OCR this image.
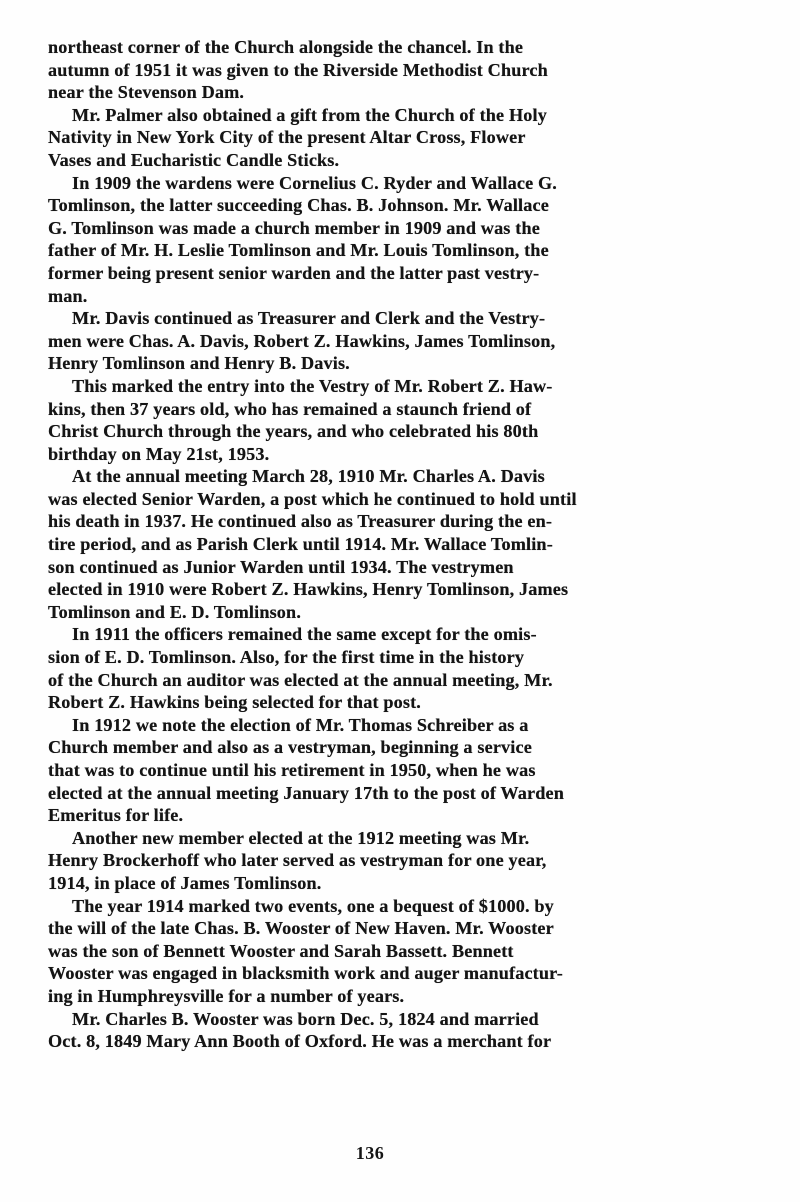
northeast corner of the Church alongside the chancel. In the
autumn of 1951 it was given to the Riverside Methodist Church
near the Stevenson Dam.

Mr. Palmer also obtained a gift from the Church of the Holy
Nativity in New York City of the present Altar Cross, Flower
Vases and Eucharistic Candle Sticks.

In 1909 the wardens were Cornelius C. Ryder and Wallace G.
Tomlinson, the latter succeeding Chas. B. Johnson. Mr. Wallace
G. Tomlinson was made a church member in 1909 and was the
father of Mr. H. Leslie Tomlinson and Mr. Louis Tomlinson, the
former being present senior warden and the latter past vestry-
man.

Mr. Davis continued as Treasurer and Clerk and the Vestry-
men were Chas. A. Davis, Robert Z. Hawkins, James Tomlinson,
Henry Tomlinson and Henry B. Davis.

This marked the entry into the Vestry of Mr. Robert Z. Haw-
kins, then 37 years old, who has remained a staunch friend of
Christ Church through the years, and who celebrated his 80th
birthday on May 21st, 1953.

At the annual meeting March 28, 1910 Mr. Charles A. Davis
was elected Senior Warden, a post which he continued to hold until
his death in 1937. He continued also as Treasurer during the en-
tire period, and as Parish Clerk until 1914. Mr. Wallace Tomlin-
son continued as Junior Warden until 1934. The vestrymen
elected in 1910 were Robert Z. Hawkins, Henry Tomlinson, James
Tomlinson and E. D. Tomlinson.

In 1911 the officers remained the same except for the omis-
sion of E. D. Tomlinson. Also, for the first time in the history
of the Church an auditor was elected at the annual meeting, Mr.
Robert Z. Hawkins being selected for that post.

In 1912 we note the election of Mr. Thomas Schreiber as a
Church member and also as a vestryman, beginning a service
that was to continue until his retirement in 1950, when he was
elected at the annual meeting January 17th to the post of Warden
Emeritus for life.

Another new member elected at the 1912 meeting was Mr.
Henry Brockerhoff who later served as vestryman for one year,
1914, in place of James Tomlinson.

The year 1914 marked two events, one a bequest of $1000. by
the will of the late Chas. B. Wooster of New Haven. Mr. Wooster
was the son of Bennett Wooster and Sarah Bassett. Bennett
Wooster was engaged in blacksmith work and auger manufactur-
ing in Humphreysville for a number of years.

Mr. Charles B. Wooster was born Dec. 5, 1824 and married
Oct. 8, 1849 Mary Ann Booth of Oxford. He was a merchant for

136
